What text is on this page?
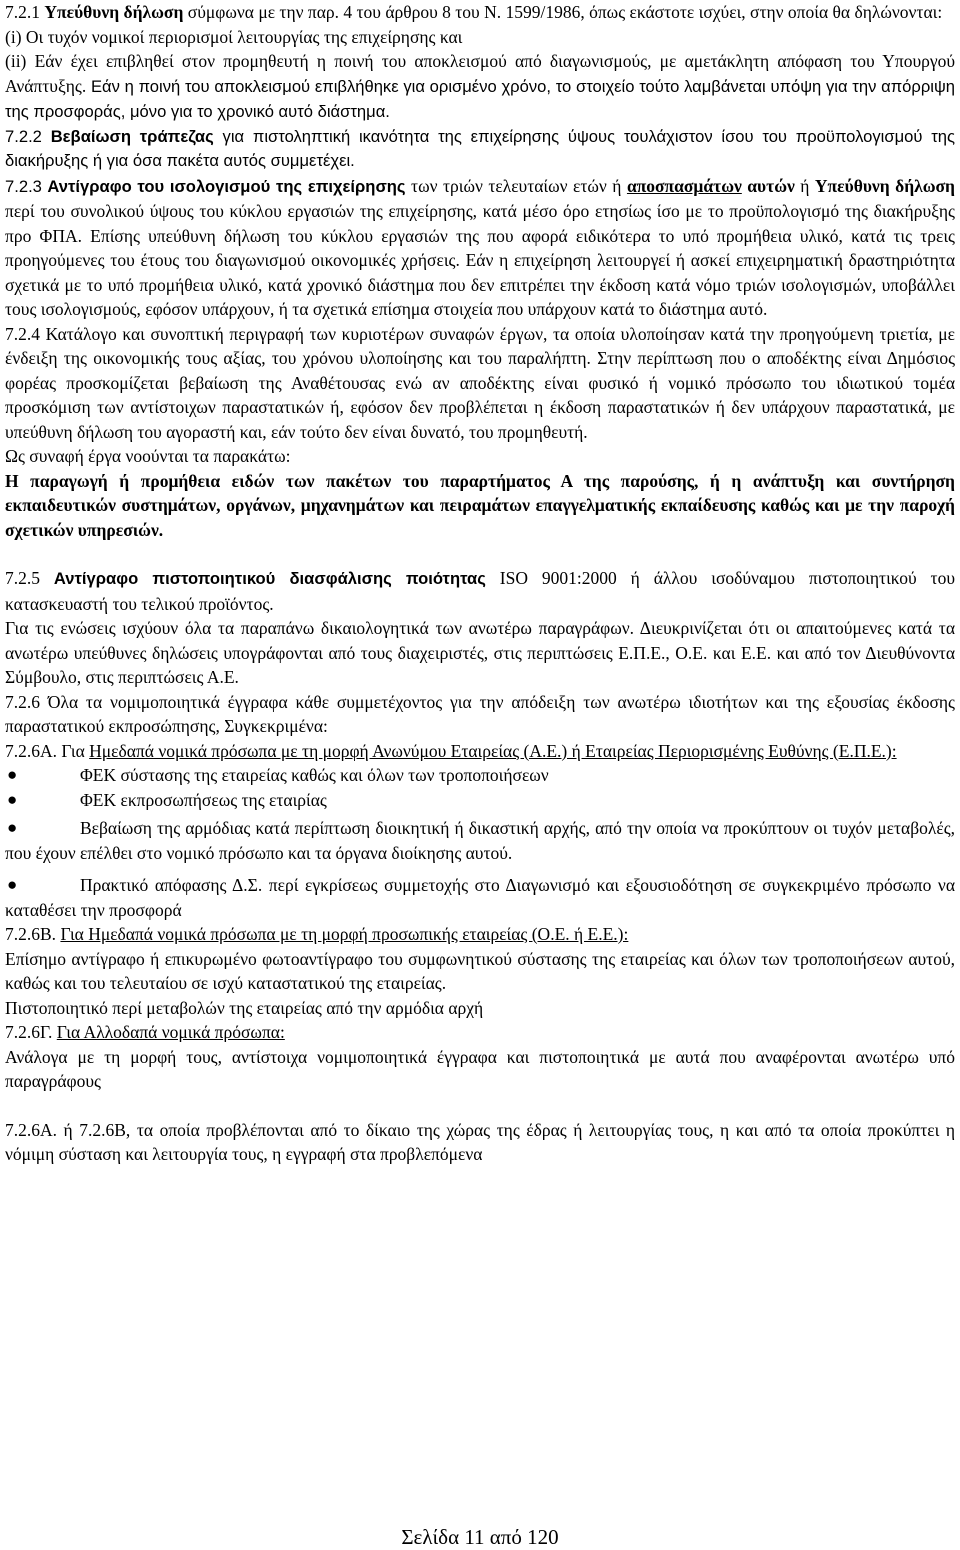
7.2.1 Υπεύθυνη δήλωση σύμφωνα με την παρ. 4 του άρθρου 8 του Ν. 1599/1986, όπως εκάστοτε ισχύει, στην οποία θα δηλώνονται:

(i) Οι τυχόν νομικοί περιορισμοί λειτουργίας της επιχείρησης και

(ii) Εάν έχει επιβληθεί στον προμηθευτή η ποινή του αποκλεισμού από διαγωνισμούς, με αμετάκλητη απόφαση του Υπουργού Ανάπτυξης. Εάν η ποινή του αποκλεισμού επιβλήθηκε για ορισμένο χρόνο, το στοιχείο τούτο λαμβάνεται υπόψη για την απόρριψη της προσφοράς, μόνο για το χρονικό αυτό διάστημα.

7.2.2 Βεβαίωση τράπεζας για πιστοληπτική ικανότητα της επιχείρησης ύψους τουλάχιστον ίσου του προϋπολογισμού της διακήρυξης ή για όσα πακέτα αυτός συμμετέχει.

7.2.3 Αντίγραφο του ισολογισμού της επιχείρησης των τριών τελευταίων ετών ή αποσπασμάτων αυτών ή Υπεύθυνη δήλωση περί του συνολικού ύψους του κύκλου εργασιών της επιχείρησης, κατά μέσο όρο ετησίως ίσο με το προϋπολογισμό της διακήρυξης προ ΦΠΑ. Επίσης υπεύθυνη δήλωση του κύκλου εργασιών της που αφορά ειδικότερα το υπό προμήθεια υλικό, κατά τις τρεις προηγούμενες του έτους του διαγωνισμού οικονομικές χρήσεις. Εάν η επιχείρηση λειτουργεί ή ασκεί επιχειρηματική δραστηριότητα σχετικά με το υπό προμήθεια υλικό, κατά χρονικό διάστημα που δεν επιτρέπει την έκδοση κατά νόμο τριών ισολογισμών, υποβάλλει τους ισολογισμούς, εφόσον υπάρχουν, ή τα σχετικά επίσημα στοιχεία που υπάρχουν κατά το διάστημα αυτό.

7.2.4 Κατάλογο και συνοπτική περιγραφή των κυριοτέρων συναφών έργων, τα οποία υλοποίησαν κατά την προηγούμενη τριετία, με ένδειξη της οικονομικής τους αξίας, του χρόνου υλοποίησης και του παραλήπτη. Στην περίπτωση που ο αποδέκτης είναι Δημόσιος φορέας προσκομίζεται βεβαίωση της Αναθέτουσας ενώ αν αποδέκτης είναι φυσικό ή νομικό πρόσωπο του ιδιωτικού τομέα προσκόμιση των αντίστοιχων παραστατικών ή, εφόσον δεν προβλέπεται η έκδοση παραστατικών ή δεν υπάρχουν παραστατικά, με υπεύθυνη δήλωση του αγοραστή και, εάν τούτο δεν είναι δυνατό, του προμηθευτή.

Ως συναφή έργα νοούνται τα παρακάτω:

Η παραγωγή ή προμήθεια ειδών των πακέτων του παραρτήματος Α της παρούσης, ή η ανάπτυξη και συντήρηση εκπαιδευτικών συστημάτων, οργάνων, μηχανημάτων και πειραμάτων επαγγελματικής εκπαίδευσης καθώς και με την παροχή σχετικών υπηρεσιών.

7.2.5 Αντίγραφο πιστοποιητικού διασφάλισης ποιότητας ISO 9001:2000 ή άλλου ισοδύναμου πιστοποιητικού του κατασκευαστή του τελικού προϊόντος.

Για τις ενώσεις ισχύουν όλα τα παραπάνω δικαιολογητικά των ανωτέρω παραγράφων. Διευκρινίζεται ότι οι απαιτούμενες κατά τα ανωτέρω υπεύθυνες δηλώσεις υπογράφονται από τους διαχειριστές, στις περιπτώσεις Ε.Π.Ε., Ο.Ε. και Ε.Ε. και από τον Διευθύνοντα Σύμβουλο, στις περιπτώσεις Α.Ε.

7.2.6 Όλα τα νομιμοποιητικά έγγραφα κάθε συμμετέχοντος για την απόδειξη των ανωτέρω ιδιοτήτων και της εξουσίας έκδοσης παραστατικού εκπροσώπησης, Συγκεκριμένα:

7.2.6Α. Για Ημεδαπά νομικά πρόσωπα με τη μορφή Ανωνύμου Εταιρείας (Α.Ε.) ή Εταιρείας Περιορισμένης Ευθύνης (Ε.Π.Ε.):

●	ΦΕΚ σύστασης της εταιρείας καθώς και όλων των τροποποιήσεων
●	ΦΕΚ εκπροσωπήσεως της εταιρίας
●	Βεβαίωση της αρμόδιας κατά περίπτωση διοικητική ή δικαστική αρχής, από την οποία να προκύπτουν οι τυχόν μεταβολές, που έχουν επέλθει στο νομικό πρόσωπο και τα όργανα διοίκησης αυτού.
●	Πρακτικό απόφασης Δ.Σ. περί εγκρίσεως συμμετοχής στο Διαγωνισμό και εξουσιοδότηση σε συγκεκριμένο πρόσωπο να καταθέσει την προσφορά

7.2.6Β. Για Ημεδαπά νομικά πρόσωπα με τη μορφή προσωπικής εταιρείας (Ο.Ε. ή Ε.Ε.):

Επίσημο αντίγραφο ή επικυρωμένο φωτοαντίγραφο του συμφωνητικού σύστασης της εταιρείας και όλων των τροποποιήσεων αυτού, καθώς και του τελευταίου σε ισχύ καταστατικού της εταιρείας.

Πιστοποιητικό περί μεταβολών της εταιρείας από την αρμόδια αρχή

7.2.6Γ. Για Αλλοδαπά νομικά πρόσωπα:

Ανάλογα με τη μορφή τους, αντίστοιχα νομιμοποιητικά έγγραφα και πιστοποιητικά με αυτά που αναφέρονται ανωτέρω υπό παραγράφους

7.2.6Α. ή 7.2.6Β, τα οποία προβλέπονται από το δίκαιο της χώρας της έδρας ή λειτουργίας τους, η και από τα οποία προκύπτει η νόμιμη σύσταση και λειτουργία τους, η εγγραφή στα προβλεπόμενα

Σελίδα 11 από 120
